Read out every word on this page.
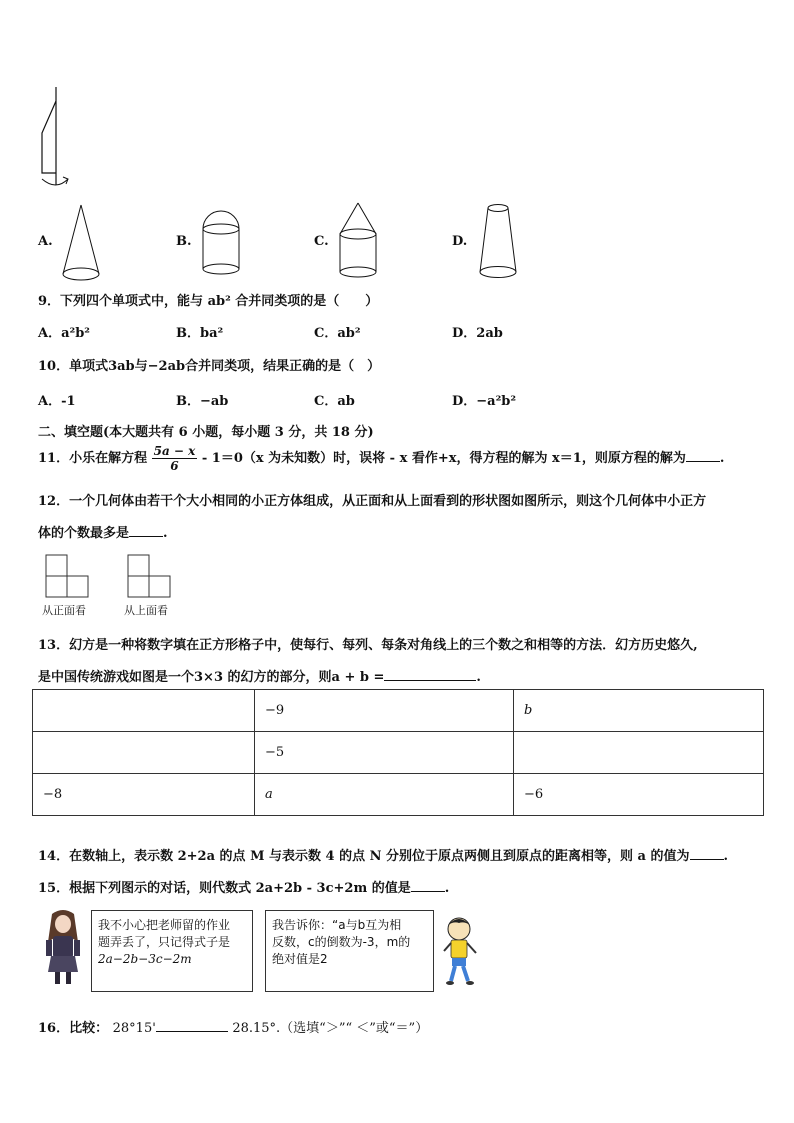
A.	B.	C.	D.
9．下列四个单项式中，能与 ab² 合并同类项的是（　　）
A．a²b²	B．ba²	C．ab²	D．2ab
10．单项式3ab与−2ab合并同类项，结果正确的是（　）
A．-1	B．−ab	C．ab	D．−a²b²
二、填空题(本大题共有 6 小题，每小题 3 分，共 18 分)
11．小乐在解方程 $\frac{5a - x}{6} - 1=0(x$ 为未知数）时，误将 - x 看作+x，得方程的解为 x＝1，则原方程的解为	.
12．一个几何体由若干个大小相同的小正方体组成，从正面和从上面看到的形状图如图所示，则这个几何体中小正方
体的个数最多是	.
从正面看	从上面看
13．幻方是一种将数字填在正方形格子中，使每行、每列、每条对角线上的三个数之和相等的方法．幻方历史悠久,
是中国传统游戏如图是一个3×3 的幻方的部分，则a + b =	.
	−9	b
	−5	
−8	a	−6
14．在数轴上，表示数 2+2a 的点 M 与表示数 4 的点 N 分别位于原点两侧且到原点的距离相等，则 a 的值为	.
15．根据下列图示的对话，则代数式 2a+2b - 3c+2m 的值是	.
我不小心把老师留的作业
题弄丢了，只记得式子是
2a−2b−3c−2m
我告诉你：“a与b互为相
反数，c的倒数为-3，m的
绝对值是2
16．比较： 28°15'	28.15°.（选填“＞”“ ＜”或“＝”）
